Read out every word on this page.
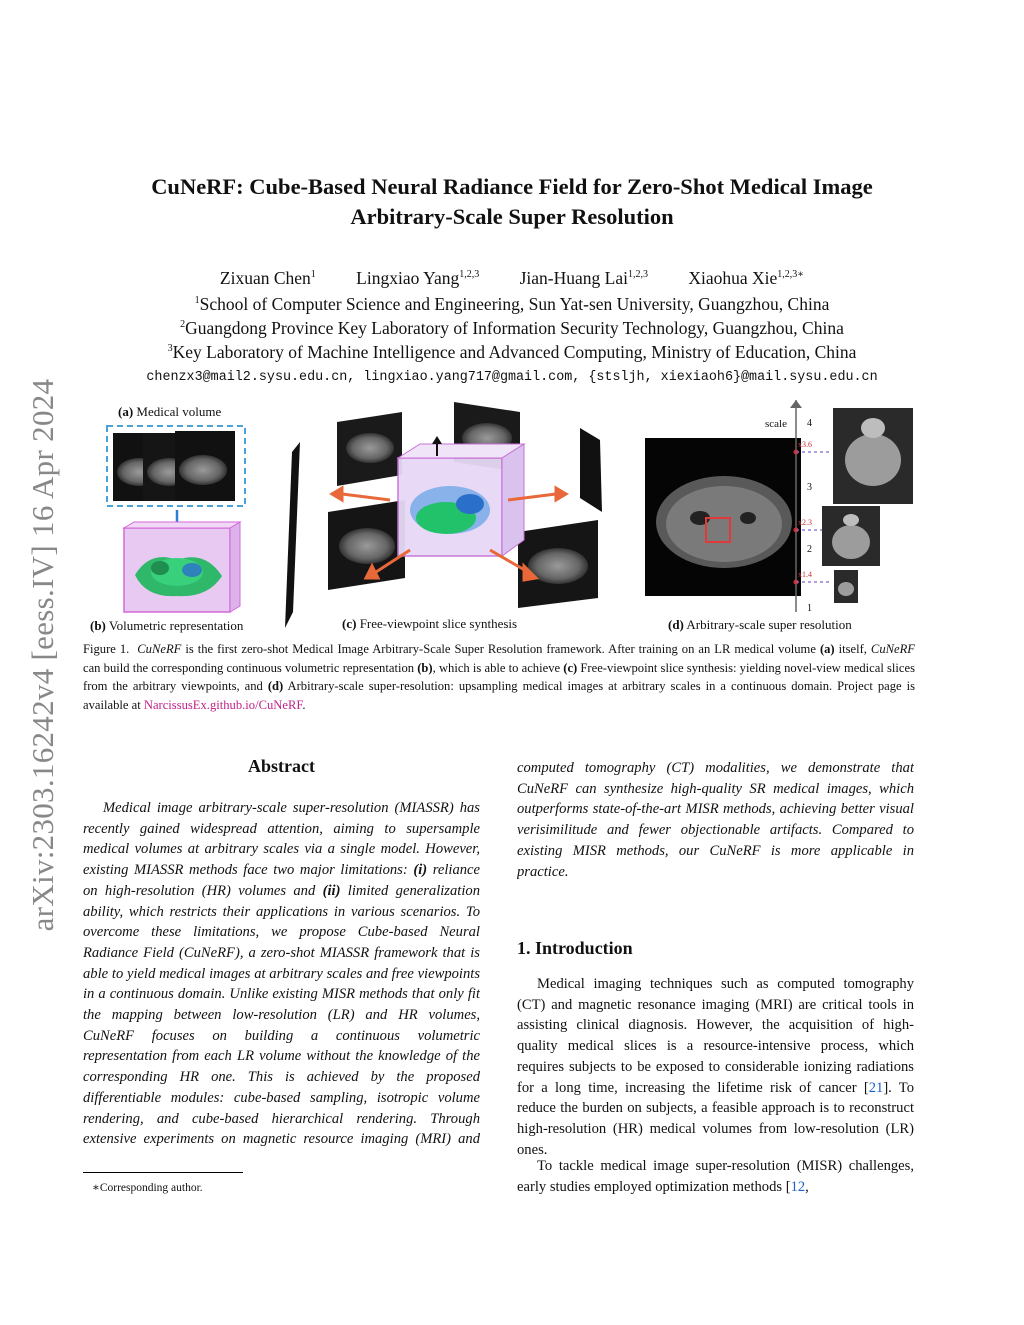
arXiv:2303.16242v4 [eess.IV] 16 Apr 2024
CuNeRF: Cube-Based Neural Radiance Field for Zero-Shot Medical Image
Arbitrary-Scale Super Resolution
Zixuan Chen$^1$ Lingxiao Yang$^{1,2,3}$ Jian-Huang Lai$^{1,2,3}$ Xiaohua Xie$^{1,2,3∗}$
$^1$School of Computer Science and Engineering, Sun Yat-sen University, Guangzhou, China
$^2$Guangdong Province Key Laboratory of Information Security Technology, Guangzhou, China
$^3$Key Laboratory of Machine Intelligence and Advanced Computing, Ministry of Education, China
chenzx3@mail2.sysu.edu.cn, lingxiao.yang717@gmail.com, {stsljh, xiexiaoh6}@mail.sysu.edu.cn
(a) Medical volume
(b) Volumetric representation	(c) Free-viewpoint slice synthesis	(d) Arbitrary-scale super resolution
scale 4
3
2
1
x3.6
x2.3
x1.4
Figure 1. CuNeRF is the first zero-shot Medical Image Arbitrary-Scale Super Resolution framework. After training on an LR medical volume (a) itself, CuNeRF can build the corresponding continuous volumetric representation (b), which is able to achieve (c) Free-viewpoint slice synthesis: yielding novel-view medical slices from the arbitrary viewpoints, and (d) Arbitrary-scale super-resolution: upsampling medical images at arbitrary scales in a continuous domain. Project page is available at NarcissusEx.github.io/CuNeRF.
Abstract
Medical image arbitrary-scale super-resolution (MIASSR) has recently gained widespread attention, aiming to supersample medical volumes at arbitrary scales via a single model. However, existing MIASSR methods face two major limitations: (i) reliance on high-resolution (HR) volumes and (ii) limited generalization ability, which restricts their applications in various scenarios. To overcome these limitations, we propose Cube-based Neural Radiance Field (CuNeRF), a zero-shot MIASSR framework that is able to yield medical images at arbitrary scales and free viewpoints in a continuous domain. Unlike existing MISR methods that only fit the mapping between low-resolution (LR) and HR volumes, CuNeRF focuses on building a continuous volumetric representation from each LR volume without the knowledge of the corresponding HR one. This is achieved by the proposed differentiable modules: cube-based sampling, isotropic volume rendering, and cube-based hierarchical rendering. Through extensive experiments on magnetic resource imaging (MRI) and
1. Introduction
Medical imaging techniques such as computed tomography (CT) and magnetic resonance imaging (MRI) are critical tools in assisting clinical diagnosis. However, the acquisition of high-quality medical slices is a resource-intensive process, which requires subjects to be exposed to considerable ionizing radiations for a long time, increasing the lifetime risk of cancer [21]. To reduce the burden on subjects, a feasible approach is to reconstruct high-resolution (HR) medical volumes from low-resolution (LR) ones.
To tackle medical image super-resolution (MISR) challenges, early studies employed optimization methods [12,
∗Corresponding author.
computed tomography (CT) modalities, we demonstrate that CuNeRF can synthesize high-quality SR medical images, which outperforms state-of-the-art MISR methods, achieving better visual verisimilitude and fewer objectionable artifacts. Compared to existing MISR methods, our CuNeRF is more applicable in practice.
